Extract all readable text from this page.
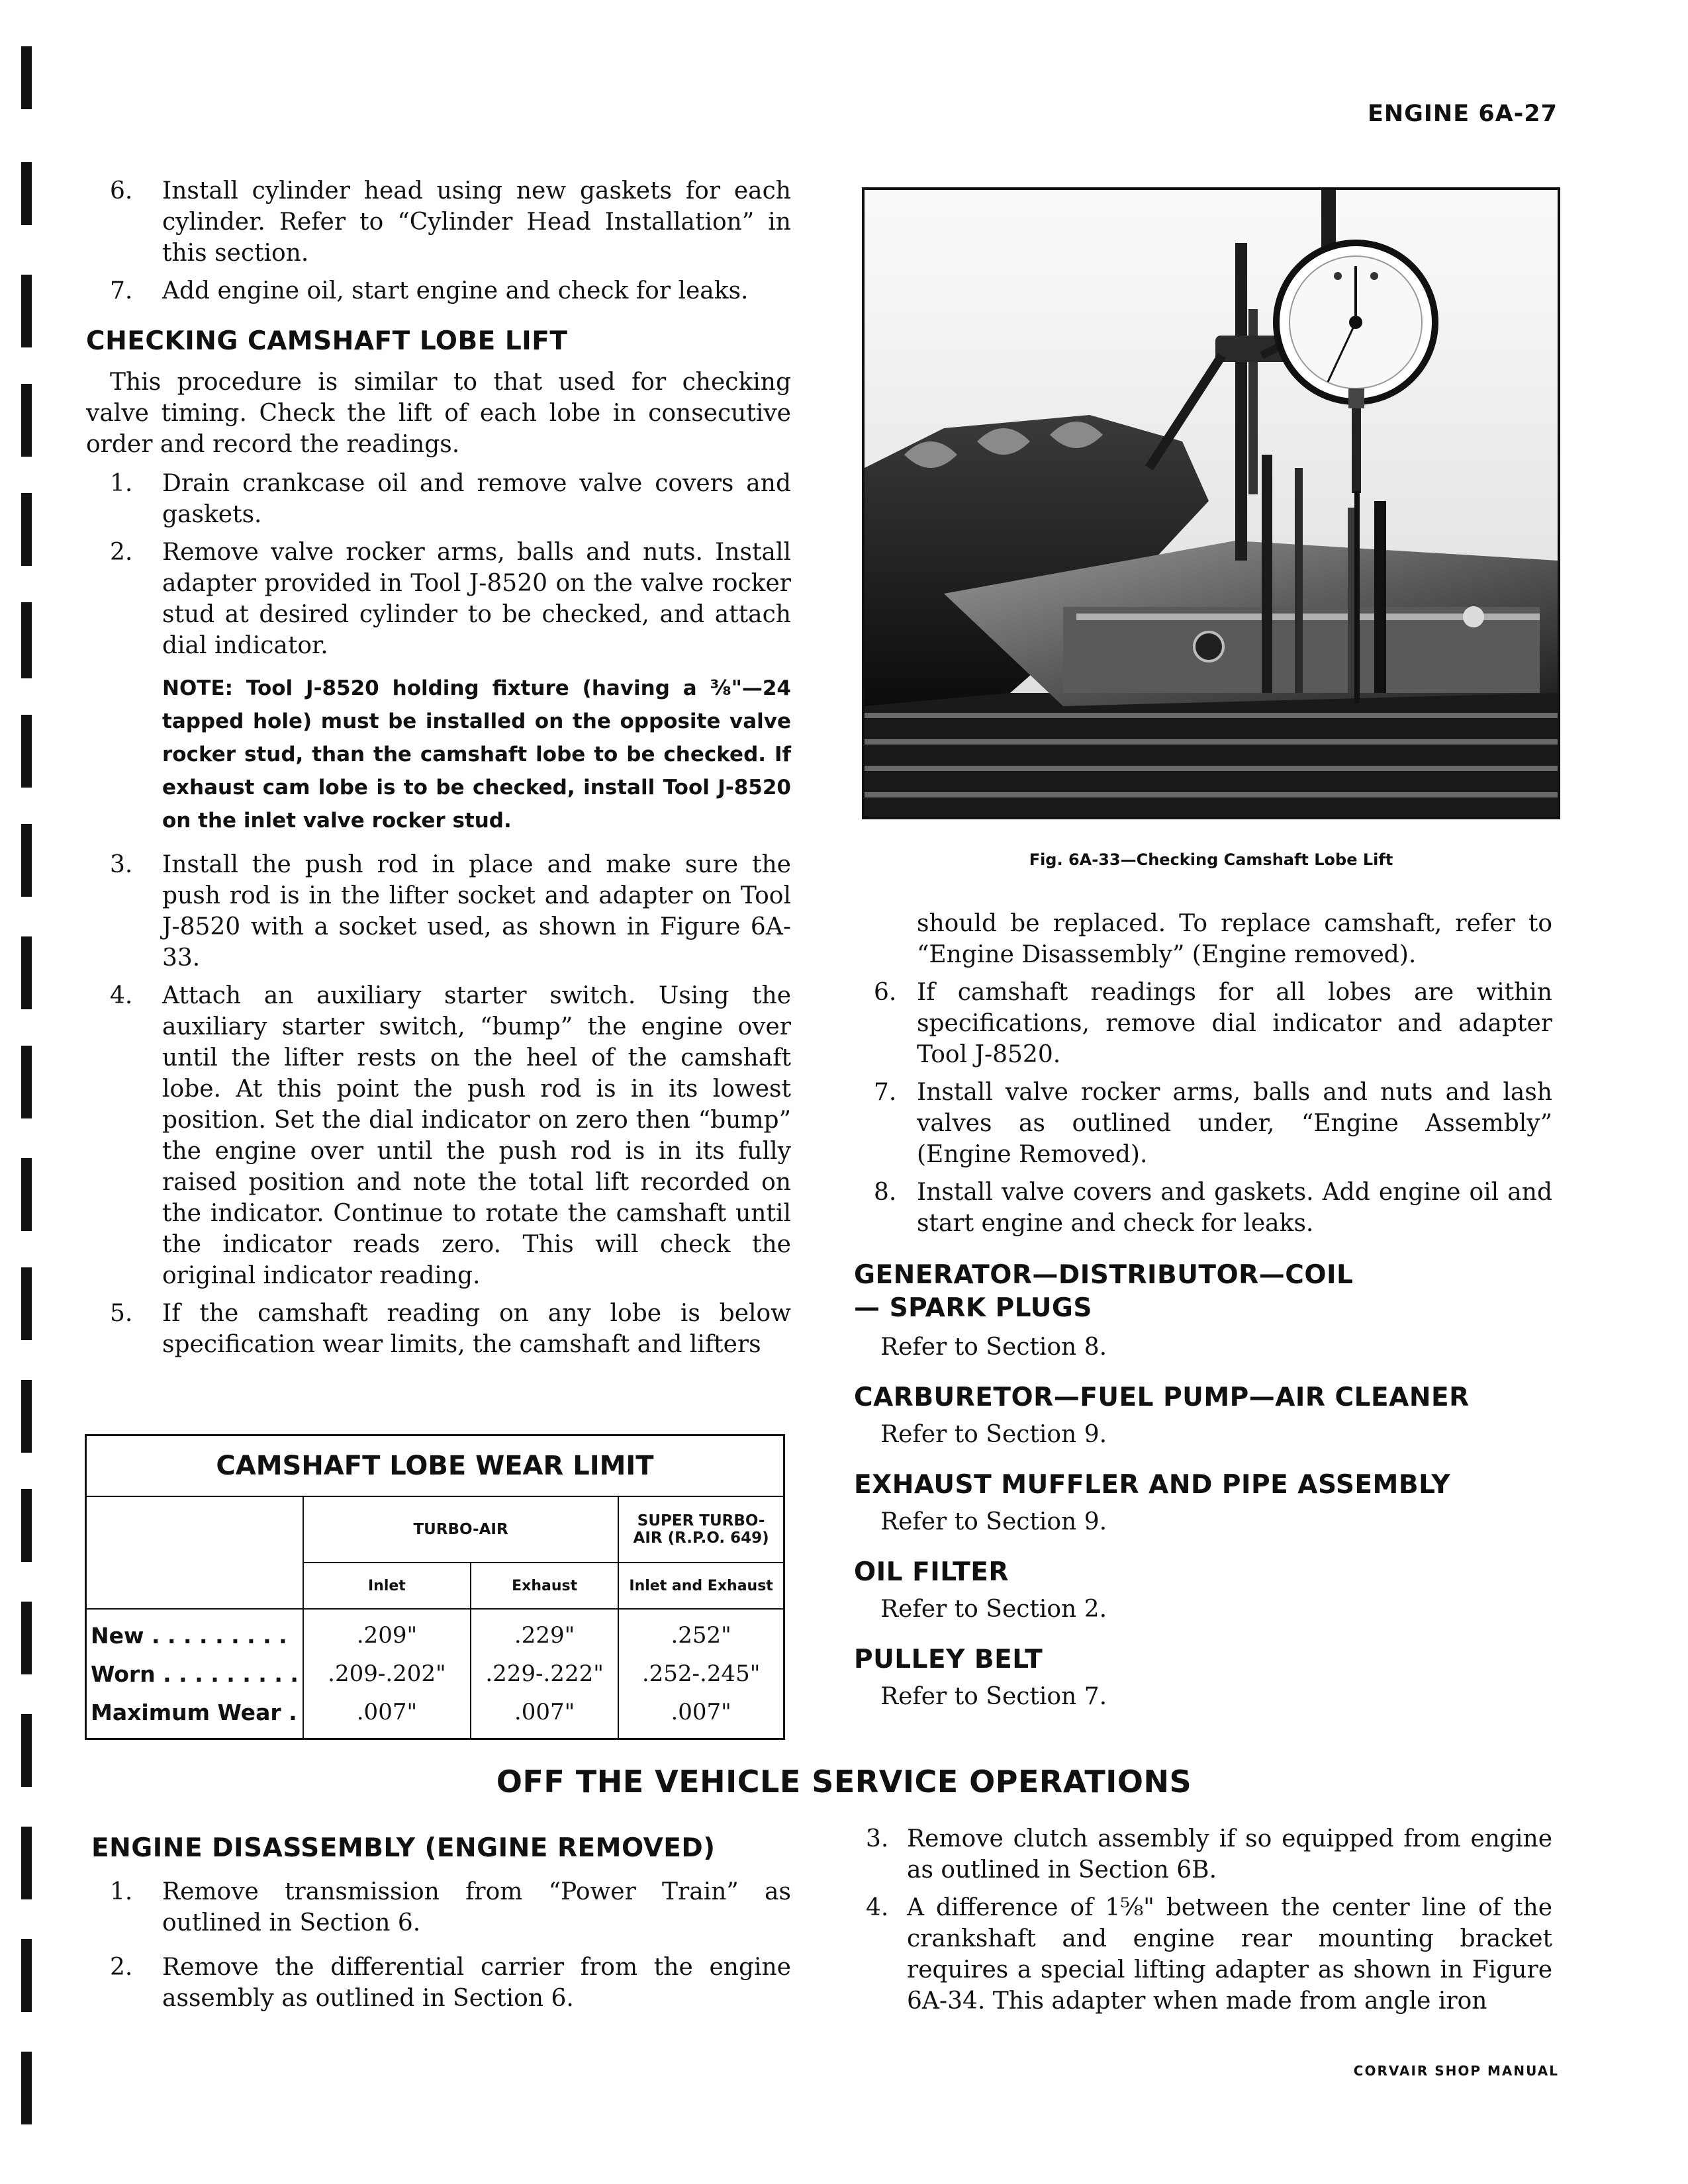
ENGINE 6A-27
6.	Install cylinder head using new gaskets for each cylinder. Refer to “Cylinder Head Installation” in this section.
7.	Add engine oil, start engine and check for leaks.
CHECKING CAMSHAFT LOBE LIFT

This procedure is similar to that used for checking valve timing. Check the lift of each lobe in consecutive order and record the readings.

1.	Drain crankcase oil and remove valve covers and gaskets.
2.	Remove valve rocker arms, balls and nuts. Install adapter provided in Tool J-8520 on the valve rocker stud at desired cylinder to be checked, and attach dial indicator.
NOTE: Tool J-8520 holding fixture (having a ⅜"—24 tapped hole) must be installed on the opposite valve rocker stud, than the camshaft lobe to be checked. If exhaust cam lobe is to be checked, install Tool J-8520 on the inlet valve rocker stud.
3.	Install the push rod in place and make sure the push rod is in the lifter socket and adapter on Tool J-8520 with a socket used, as shown in Figure 6A-33.
4.	Attach an auxiliary starter switch. Using the auxiliary starter switch, “bump” the engine over until the lifter rests on the heel of the camshaft lobe. At this point the push rod is in its lowest position. Set the dial indicator on zero then “bump” the engine over until the push rod is in its fully raised position and note the total lift recorded on the indicator. Continue to rotate the camshaft until the indicator reads zero. This will check the original indicator reading.
5.	If the camshaft reading on any lobe is below specification wear limits, the camshaft and lifters
CAMSHAFT LOBE WEAR LIMIT			
	TURBO-AIR		SUPER TURBO-AIR (R.P.O. 649)
	Inlet	Exhaust	Inlet and Exhaust
New . . . . . . . . .	.209"	.229"	.252"
Worn . . . . . . . . .	.209-.202"	.229-.222"	.252-.245"
Maximum Wear .	.007"	.007"	.007"
Fig. 6A-33—Checking Camshaft Lobe Lift

should be replaced. To replace camshaft, refer to “Engine Disassembly” (Engine removed).

6. If camshaft readings for all lobes are within specifications, remove dial indicator and adapter Tool J-8520.
7. Install valve rocker arms, balls and nuts and lash valves as outlined under, “Engine Assembly” (Engine Removed).
8. Install valve covers and gaskets. Add engine oil and start engine and check for leaks.
GENERATOR—DISTRIBUTOR—COIL— SPARK PLUGS

Refer to Section 8.

CARBURETOR—FUEL PUMP—AIR CLEANER

Refer to Section 9.

EXHAUST MUFFLER AND PIPE ASSEMBLY

Refer to Section 9.

OIL FILTER

Refer to Section 2.

PULLEY BELT

Refer to Section 7.

OFF THE VEHICLE SERVICE OPERATIONS
ENGINE DISASSEMBLY (ENGINE REMOVED)
1.	Remove transmission from “Power Train” as outlined in Section 6.
2.	Remove the differential carrier from the engine assembly as outlined in Section 6.
3. Remove clutch assembly if so equipped from engine as outlined in Section 6B.
4. A difference of 1⅝" between the center line of the crankshaft and engine rear mounting bracket requires a special lifting adapter as shown in Figure 6A-34. This adapter when made from angle iron
CORVAIR SHOP MANUAL
